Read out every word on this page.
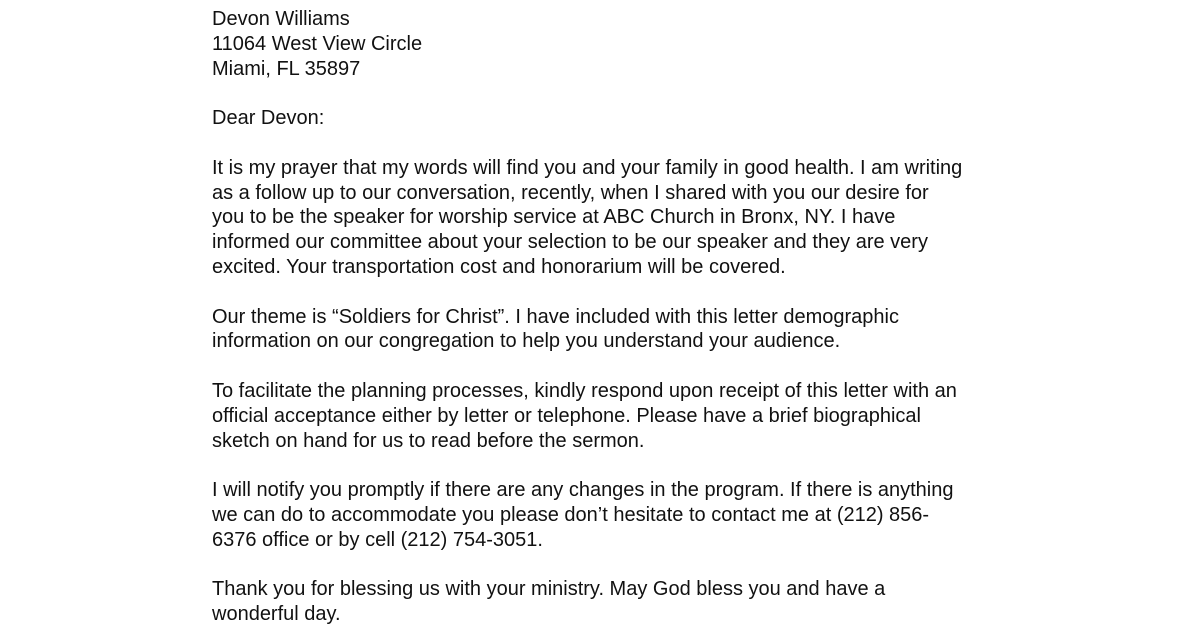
Devon Williams
11064 West View Circle
Miami, FL 35897
Dear Devon:

It is my prayer that my words will find you and your family in good health. I am writing
as a follow up to our conversation, recently, when I shared with you our desire for
you to be the speaker for worship service at ABC Church in Bronx, NY. I have
informed our committee about your selection to be our speaker and they are very
excited. Your transportation cost and honorarium will be covered.

Our theme is “Soldiers for Christ”. I have included with this letter demographic
information on our congregation to help you understand your audience.

To facilitate the planning processes, kindly respond upon receipt of this letter with an
official acceptance either by letter or telephone. Please have a brief biographical
sketch on hand for us to read before the sermon.

I will notify you promptly if there are any changes in the program. If there is anything
we can do to accommodate you please don’t hesitate to contact me at (212) 856-
6376 office or by cell (212) 754-3051.

Thank you for blessing us with your ministry. May God bless you and have a
wonderful day.
